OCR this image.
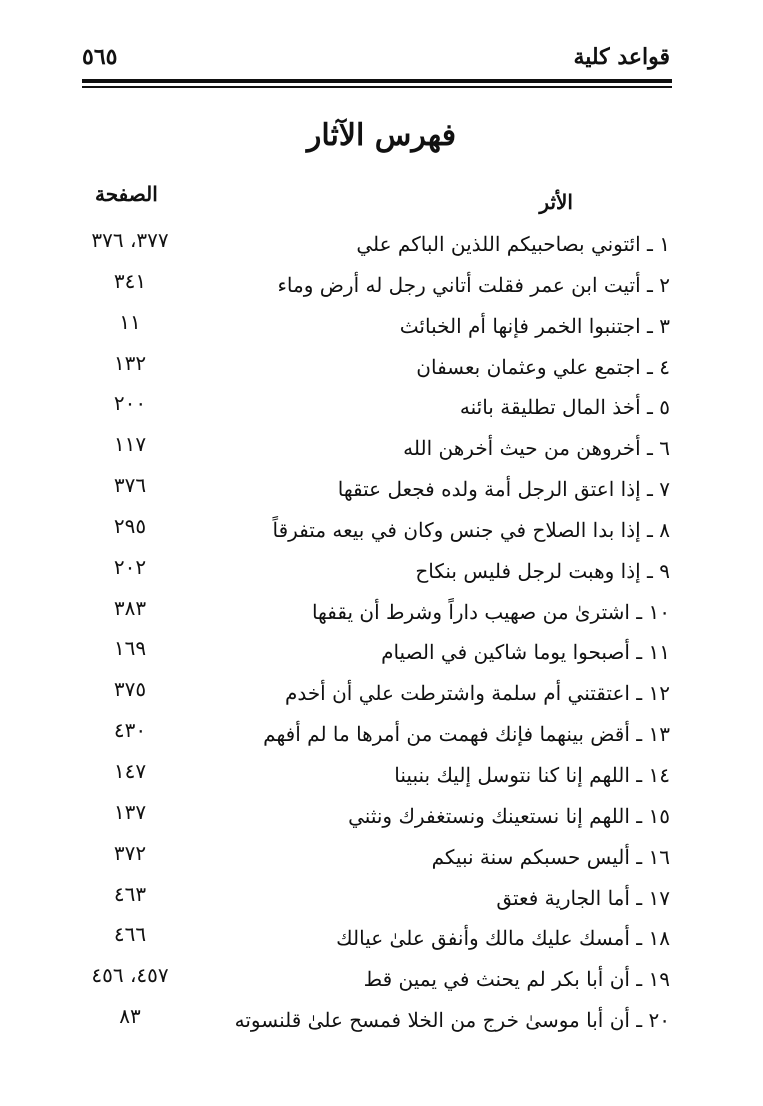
قواعد كلية
٥٦٥
فهرس الآثار
الأثر
الصفحة
١ ـ ائتوني بصاحبيكم اللذين الباكم علي
٣٧٧، ٣٧٦
٢ ـ أتيت ابن عمر فقلت أتاني رجل له أرض وماء
٣٤١
٣ ـ اجتنبوا الخمر فإنها أم الخبائث
١١
٤ ـ اجتمع علي وعثمان بعسفان
١٣٢
٥ ـ أخذ المال تطليقة بائنه
٢٠٠
٦ ـ أخروهن من حيث أخرهن الله
١١٧
٧ ـ إذا اعتق الرجل أمة ولده فجعل عتقها
٣٧٦
٨ ـ إذا بدا الصلاح في جنس وكان في بيعه متفرقاً
٢٩٥
٩ ـ إذا وهبت لرجل فليس بنكاح
٢٠٢
١٠ ـ اشترىٰ من صهيب داراً وشرط أن يقفها
٣٨٣
١١ ـ أصبحوا يوما شاكين في الصيام
١٦٩
١٢ ـ اعتقتني أم سلمة واشترطت علي أن أخدم
٣٧٥
١٣ ـ أقض بينهما فإنك فهمت من أمرها ما لم أفهم
٤٣٠
١٤ ـ اللهم إنا كنا نتوسل إليك بنبينا
١٤٧
١٥ ـ اللهم إنا نستعينك ونستغفرك ونثني
١٣٧
١٦ ـ أليس حسبكم سنة نبيكم
٣٧٢
١٧ ـ أما الجارية فعتق
٤٦٣
١٨ ـ أمسك عليك مالك وأنفق علىٰ عيالك
٤٦٦
١٩ ـ أن أبا بكر لم يحنث في يمين قط
٤٥٧، ٤٥٦
٢٠ ـ أن أبا موسىٰ خرج من الخلا فمسح علىٰ قلنسوته
٨٣
